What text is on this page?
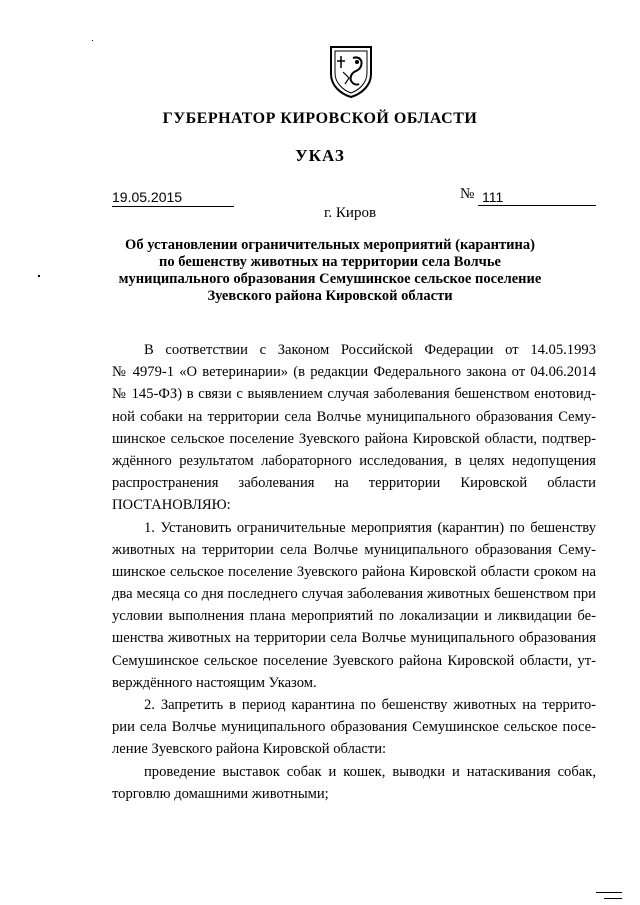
ГУБЕРНАТОР КИРОВСКОЙ ОБЛАСТИ
УКАЗ
19.05.2015	№ 111
г. Киров
Об установлении ограничительных мероприятий (карантина)
по бешенству животных на территории села Волчье
муниципального образования Семушинское сельское поселение
Зуевского района Кировской области

В соответствии с Законом Российской Федерации от 14.05.1993
№ 4979-1 «О ветеринарии» (в редакции Федерального закона от 04.06.2014
№ 145-ФЗ) в связи с выявлением случая заболевания бешенством енотовид-
ной собаки на территории села Волчье муниципального образования Сему-
шинское сельское поселение Зуевского района Кировской области, подтвер-
ждённого результатом лабораторного исследования, в целях недопущения
распространения заболевания на территории Кировской области
ПОСТАНОВЛЯЮ:

1. Установить ограничительные мероприятия (карантин) по бешенству
животных на территории села Волчье муниципального образования Сему-
шинское сельское поселение Зуевского района Кировской области сроком на
два месяца со дня последнего случая заболевания животных бешенством при
условии выполнения плана мероприятий по локализации и ликвидации бе-
шенства животных на территории села Волчье муниципального образования
Семушинское сельское поселение Зуевского района Кировской области, ут-
верждённого настоящим Указом.

2. Запретить в период карантина по бешенству животных на террито-
рии села Волчье муниципального образования Семушинское сельское посе-
ление Зуевского района Кировской области:

проведение выставок собак и кошек, выводки и натаскивания собак,
торговлю домашними животными;
